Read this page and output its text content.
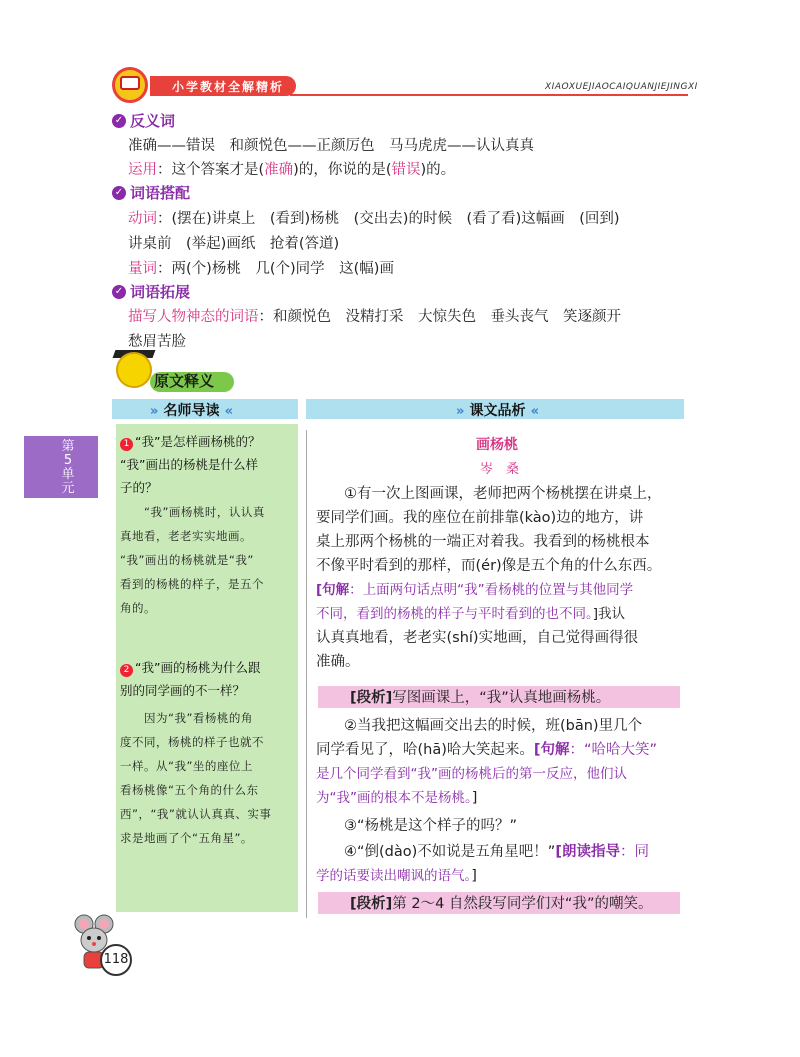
小学教材全解精析	XIAOXUEJIAOCAIQUANJIEJINGXI
✓ 反义词
准确——错误　和颜悦色——正颜厉色　马马虎虎——认认真真
运用：这个答案才是(准确)的，你说的是(错误)的。
✓ 词语搭配
动词：(摆在)讲桌上　(看到)杨桃　(交出去)的时候　(看了看)这幅画　(回到)
讲桌前　(举起)画纸　抢着(答道)
量词：两(个)杨桃　几(个)同学　这(幅)画
✓ 词语拓展
描写人物神态的词语：和颜悦色　没精打采　大惊失色　垂头丧气　笑逐颜开
愁眉苦脸
原文释义
» 名师导读 «	» 课文品析 «
第5单元
1 “我”是怎样画杨桃的？
“我”画出的杨桃是什么样
子的？
“我”画杨桃时，认认真
真地看，老老实实地画。
“我”画出的杨桃就是“我”
看到的杨桃的样子，是五个
角的。
2 “我”画的杨桃为什么跟
别的同学画的不一样？
因为“我”看杨桃的角
度不同，杨桃的样子也就不
一样。从“我”坐的座位上
看杨桃像“五个角的什么东
西”，“我”就认认真真、实事
求是地画了个“五角星”。
画杨桃
岑　桑
①有一次上图画课，老师把两个杨桃摆在讲桌上，
要同学们画。我的座位在前排靠(kào)边的地方，讲
桌上那两个杨桃的一端正对着我。我看到的杨桃根本
不像平时看到的那样，而(ér)像是五个角的什么东西。
[句解：上面两句话点明“我”看杨桃的位置与其他同学
不同，看到的杨桃的样子与平时看到的也不同。]我认
认真真地看，老老实(shí)实地画，自己觉得画得很
准确。
[段析]写图画课上，“我”认真地画杨桃。
②当我把这幅画交出去的时候，班(bān)里几个
同学看见了，哈(hā)哈大笑起来。[句解：“哈哈大笑”
是几个同学看到“我”画的杨桃后的第一反应，他们认
为“我”画的根本不是杨桃。]
③“杨桃是这个样子的吗？”
④“倒(dào)不如说是五角星吧！”[朗读指导：同
学的话要读出嘲讽的语气。]
[段析]第 2～4 自然段写同学们对“我”的嘲笑。
118
